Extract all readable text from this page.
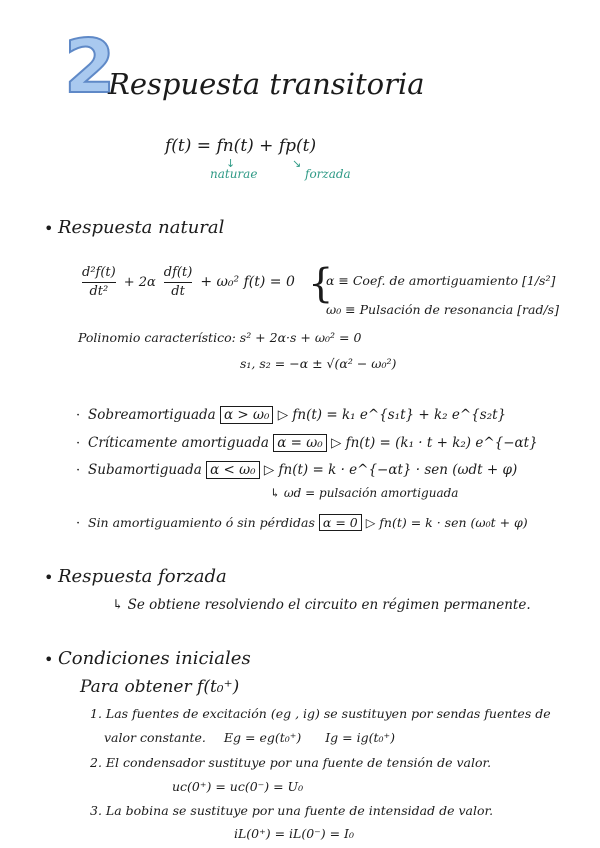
2
Respuesta transitoria
f(t) = fn(t) + fp(t)
↓	↘
naturae	forzada
• Respuesta natural
$\frac{\text{d²f(t)}}{\text{dt²}} + 2\alpha \frac{df(t)}{dt} + \omega_0^2$ f(t) = 0 {
α ≡ Coef. de amortiguamiento [1/s²]
ω₀ ≡ Pulsación de resonancia [rad/s]
Polinomio característico: s² + 2α·s + ω₀² = 0
s₁, s₂ = −α ± √(α² − ω₀²)
· Sobreamortiguada α > ω₀ ▷ fn(t) = k₁ e^{s₁t} + k₂ e^{s₂t}
· Críticamente amortiguada α = ω₀ ▷ fn(t) = (k₁ · t + k₂) e^{−αt}
· Subamortiguada α < ω₀ ▷ fn(t) = k · e^{−αt} · sen (ωdt + φ)
↳ ωd = pulsación amortiguada
· Sin amortiguamiento ó sin pérdidas α = 0 ▷ fn(t) = k · sen (ω₀t + φ)
• Respuesta forzada
↳ Se obtiene resolviendo el circuito en régimen permanente.
• Condiciones iniciales
Para obtener f(t₀⁺)
1. Las fuentes de excitación (eg , ig) se sustituyen por sendas fuentes de
valor constante. Eg = eg(t₀⁺) Ig = ig(t₀⁺)
2. El condensador sustituye por una fuente de tensión de valor.
uc(0⁺) = uc(0⁻) = U₀
3. La bobina se sustituye por una fuente de intensidad de valor.
iL(0⁺) = iL(0⁻) = I₀
